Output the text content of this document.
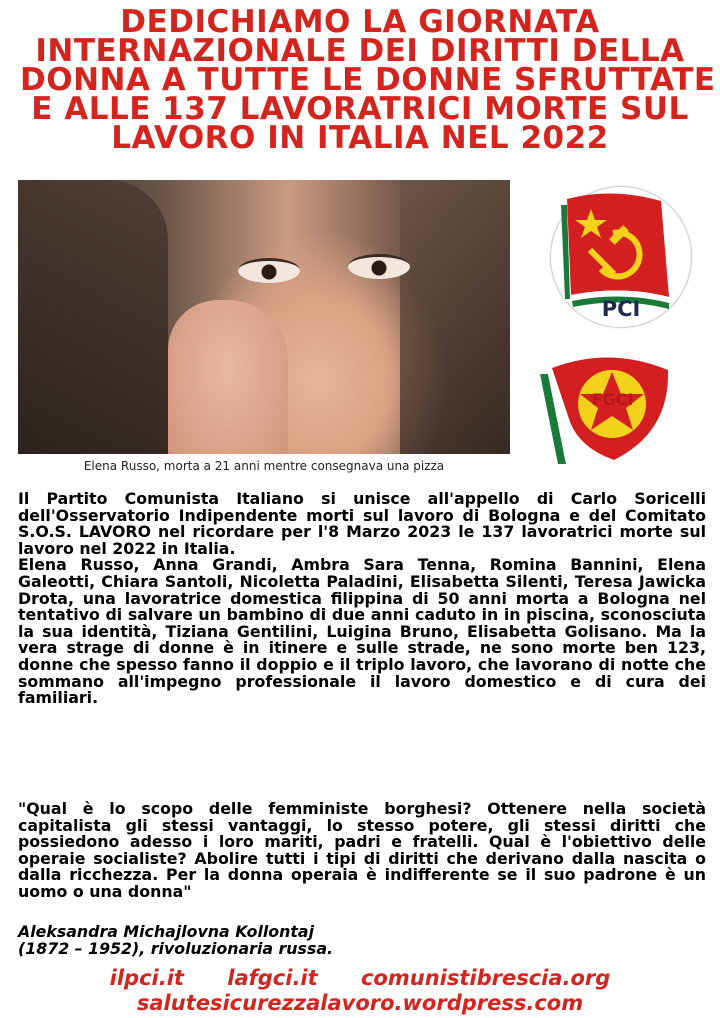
DEDICHIAMO LA GIORNATA
INTERNAZIONALE DEI DIRITTI DELLA
DONNA A TUTTE LE DONNE SFRUTTATE
E ALLE 137 LAVORATRICI MORTE SUL
LAVORO IN ITALIA NEL 2022
Elena Russo, morta a 21 anni mentre consegnava una pizza
PCI
FGCI

Il Partito Comunista Italiano si unisce all'appello di Carlo Soricelli dell'Osservatorio Indipendente morti sul lavoro di Bologna e del Comitato S.O.S. LAVORO nel ricordare per l'8 Marzo 2023 le 137 lavoratrici morte sul lavoro nel 2022 in Italia.

Elena Russo, Anna Grandi, Ambra Sara Tenna, Romina Bannini, Elena Galeotti, Chiara Santoli, Nicoletta Paladini, Elisabetta Silenti, Teresa Jawicka Drota, una lavoratrice domestica filippina di 50 anni morta a Bologna nel tentativo di salvare un bambino di due anni caduto in in piscina, sconosciuta la sua identità, Tiziana Gentilini, Luigina Bruno, Elisabetta Golisano. Ma la vera strage di donne è in itinere e sulle strade, ne sono morte ben 123, donne che spesso fanno il doppio e il triplo lavoro, che lavorano di notte che sommano all'impegno professionale il lavoro domestico e di cura dei familiari.

"Qual è lo scopo delle femministe borghesi? Ottenere nella società capitalista gli stessi vantaggi, lo stesso potere, gli stessi diritti che possiedono adesso i loro mariti, padri e fratelli. Qual è l'obiettivo delle operaie socialiste? Abolire tutti i tipi di diritti che derivano dalla nascita o dalla ricchezza. Per la donna operaia è indifferente se il suo padrone è un uomo o una donna"

Aleksandra Michajlovna Kollontaj
(1872 – 1952), rivoluzionaria russa.
ilpci.it lafgci.it comunistibrescia.org
salutesicurezzalavoro.wordpress.com
